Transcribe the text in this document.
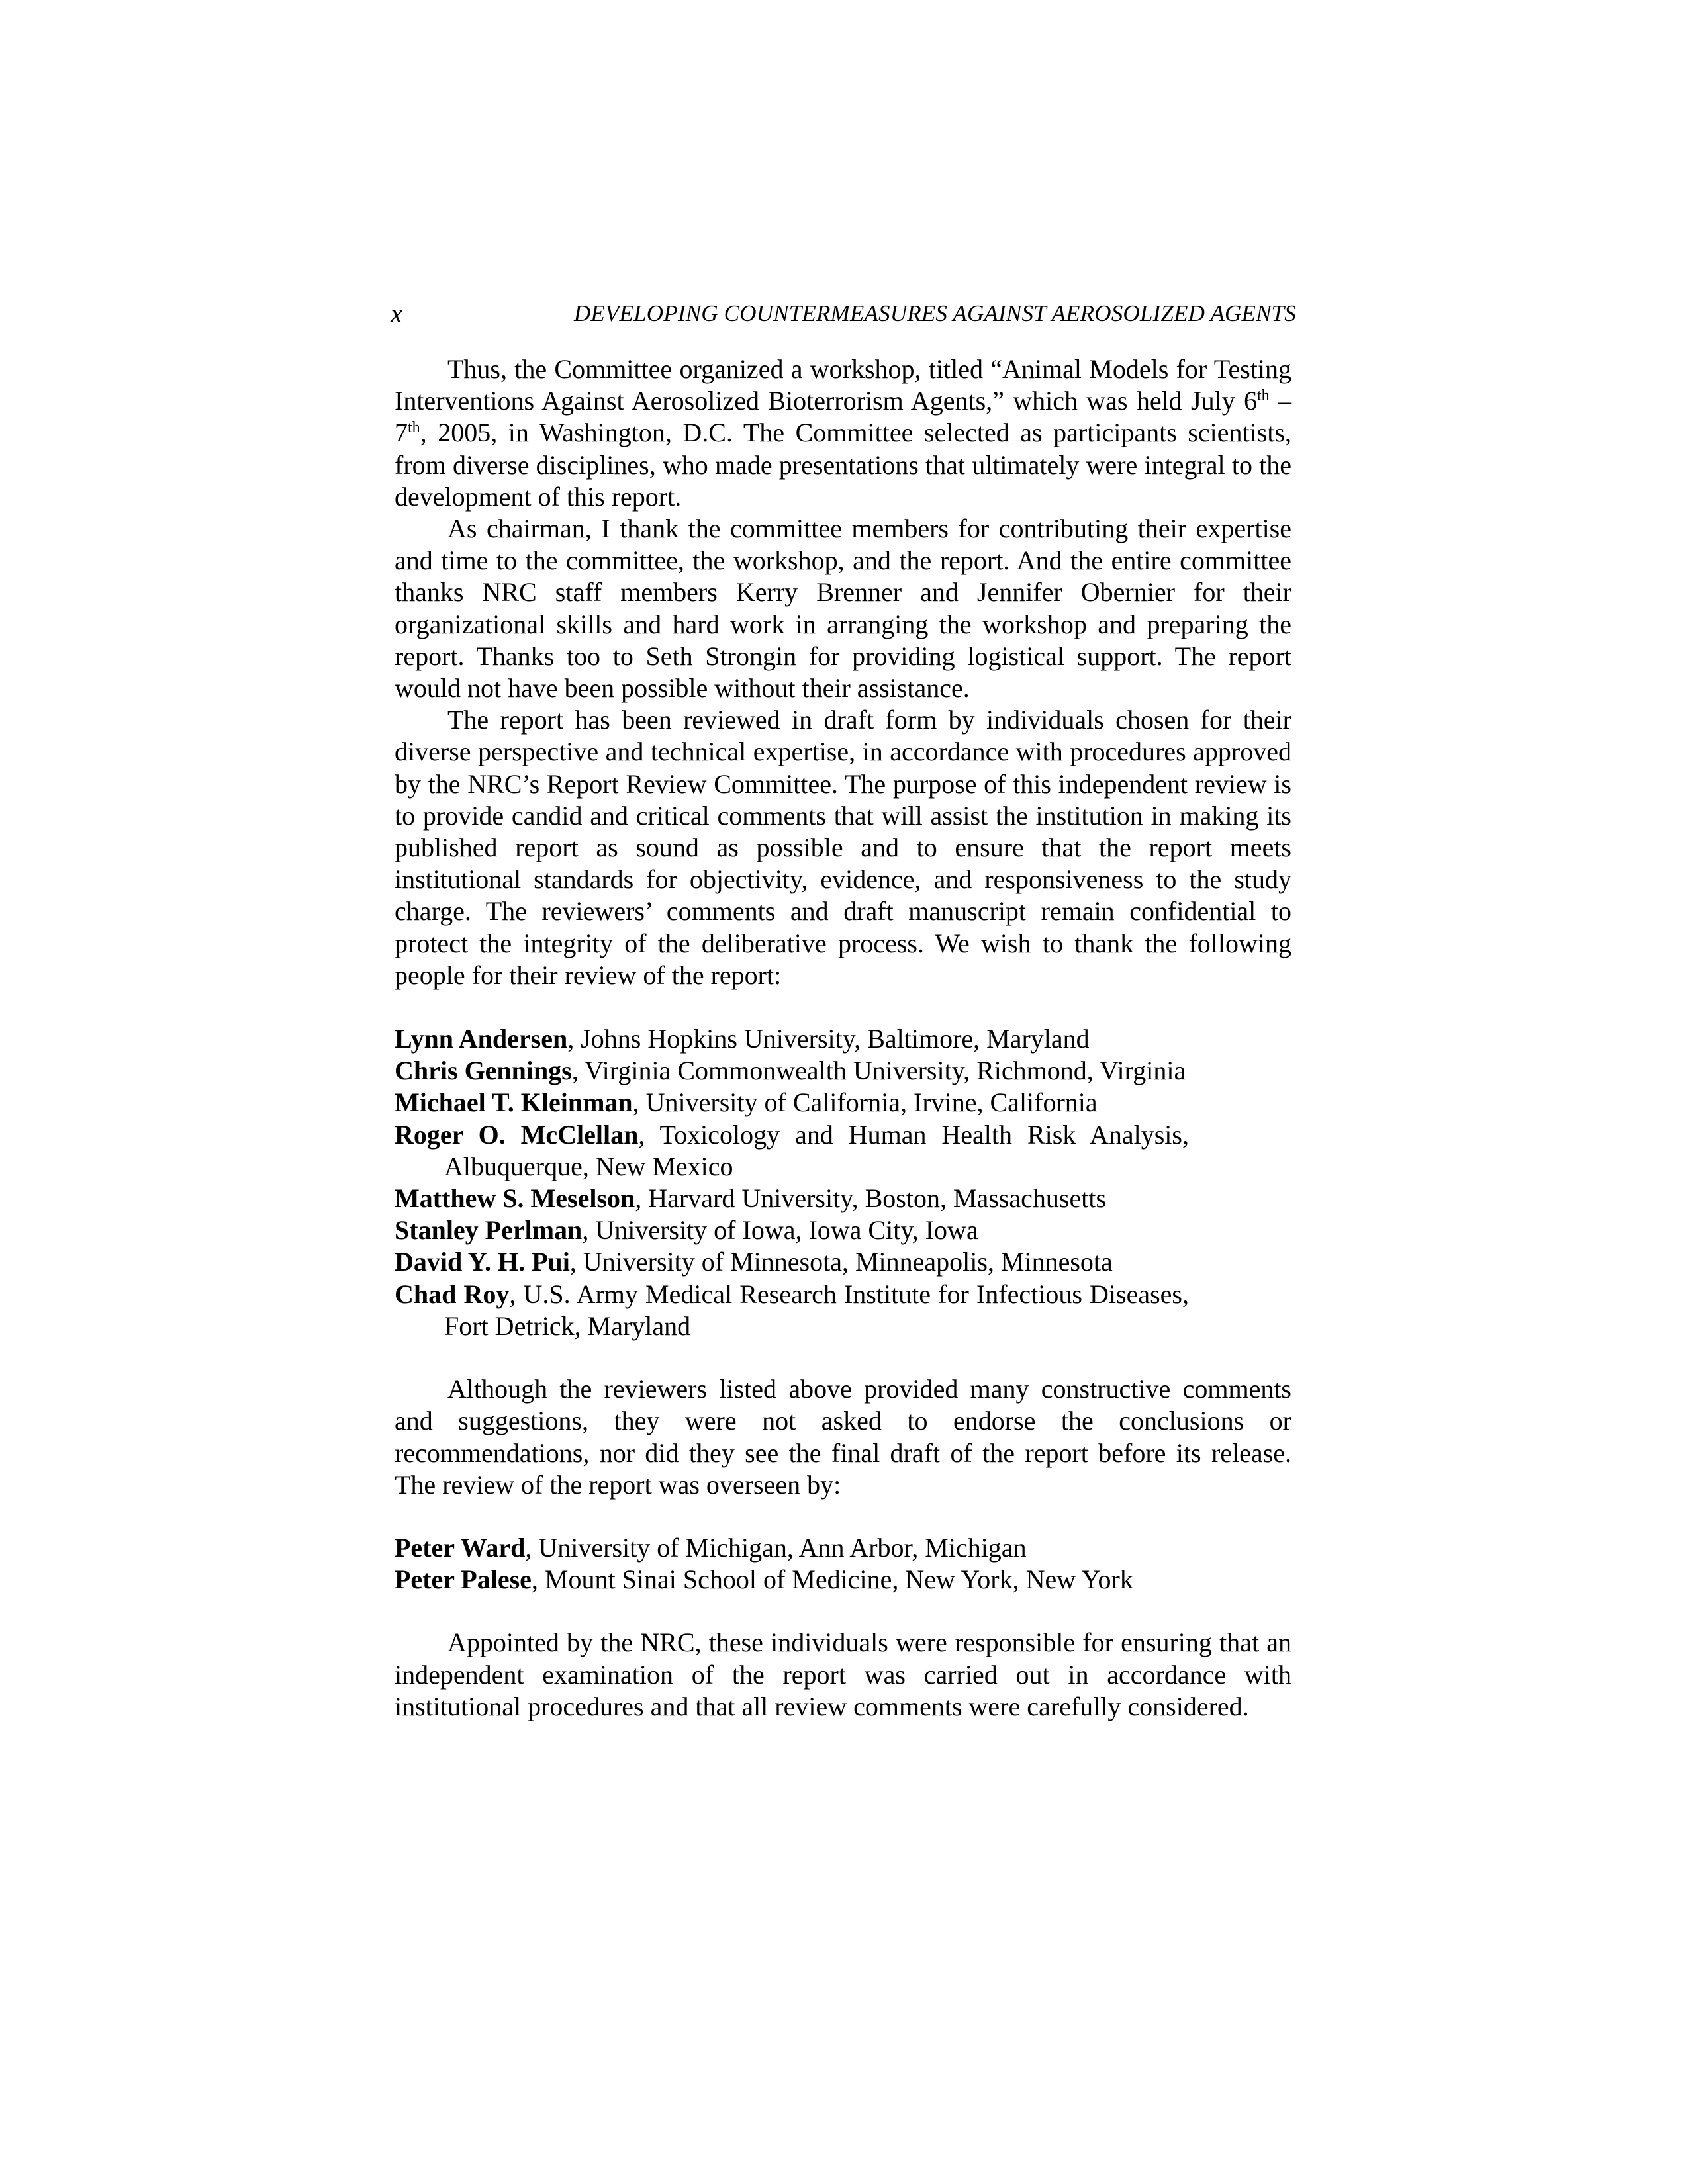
x	DEVELOPING COUNTERMEASURES AGAINST AEROSOLIZED AGENTS

Thus, the Committee organized a workshop, titled “Animal Models for Testing Interventions Against Aerosolized Bioterrorism Agents,” which was held July 6th – 7th, 2005, in Washington, D.C. The Committee selected as participants scientists, from diverse disciplines, who made presentations that ultimately were integral to the development of this report.

As chairman, I thank the committee members for contributing their expertise and time to the committee, the workshop, and the report. And the entire committee thanks NRC staff members Kerry Brenner and Jennifer Obernier for their organizational skills and hard work in arranging the workshop and preparing the report. Thanks too to Seth Strongin for providing logistical support. The report would not have been possible without their assistance.

The report has been reviewed in draft form by individuals chosen for their diverse perspective and technical expertise, in accordance with procedures approved by the NRC’s Report Review Committee. The purpose of this independent review is to provide candid and critical comments that will assist the institution in making its published report as sound as possible and to ensure that the report meets institutional standards for objectivity, evidence, and responsiveness to the study charge. The reviewers’ comments and draft manuscript remain confidential to protect the integrity of the deliberative process. We wish to thank the following people for their review of the report:

Lynn Andersen, Johns Hopkins University, Baltimore, Maryland
Chris Gennings, Virginia Commonwealth University, Richmond, Virginia
Michael T. Kleinman, University of California, Irvine, California
Roger O. McClellan, Toxicology and Human Health Risk Analysis, Albuquerque, New Mexico
Matthew S. Meselson, Harvard University, Boston, Massachusetts
Stanley Perlman, University of Iowa, Iowa City, Iowa
David Y. H. Pui, University of Minnesota, Minneapolis, Minnesota
Chad Roy, U.S. Army Medical Research Institute for Infectious Diseases, Fort Detrick, Maryland

Although the reviewers listed above provided many constructive comments and suggestions, they were not asked to endorse the conclusions or recommendations, nor did they see the final draft of the report before its release. The review of the report was overseen by:

Peter Ward, University of Michigan, Ann Arbor, Michigan
Peter Palese, Mount Sinai School of Medicine, New York, New York

Appointed by the NRC, these individuals were responsible for ensuring that an independent examination of the report was carried out in accordance with institutional procedures and that all review comments were carefully considered.
